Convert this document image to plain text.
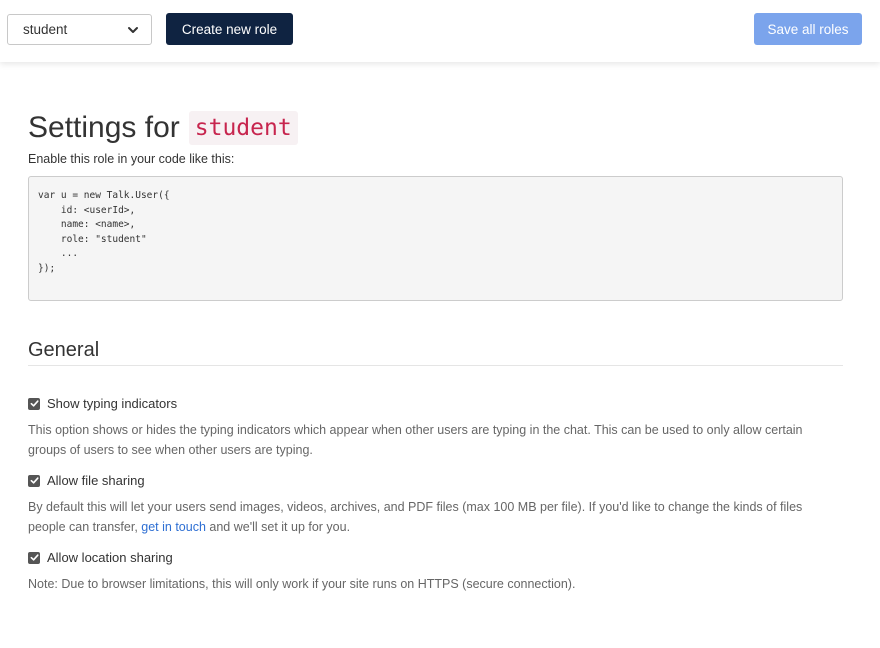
student	Create new role	Save all roles
Settings for student
Enable this role in your code like this:
var u = new Talk.User({
id: <userId>,
name: <name>,
role: "student"
...
});
General
Show typing indicators
This option shows or hides the typing indicators which appear when other users are typing in the chat. This can be used to only allow certain groups of users to see when other users are typing.
Allow file sharing
By default this will let your users send images, videos, archives, and PDF files (max 100 MB per file). If you'd like to change the kinds of files people can transfer, get in touch and we'll set it up for you.
Allow location sharing
Note: Due to browser limitations, this will only work if your site runs on HTTPS (secure connection).
